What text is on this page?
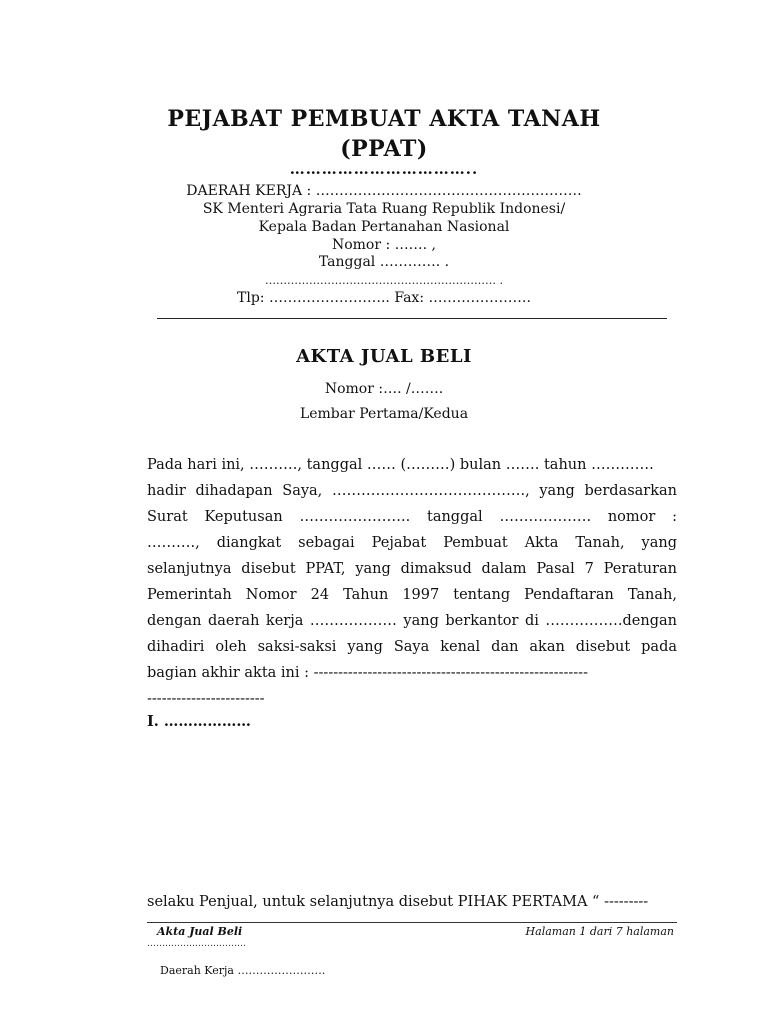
PEJABAT PEMBUAT AKTA TANAH
(PPAT)
……………………………..
DAERAH KERJA : …………………………………………………
SK Menteri Agraria Tata Ruang Republik Indonesi/
Kepala Badan Pertanahan Nasional
Nomor : ……. ,
Tanggal …………. .
……………………………………………………… .
Tlp: …………………….. Fax: ………………….
AKTA JUAL BELI
Nomor :…. /…….
Lembar Pertama/Kedua
Pada hari ini, ………., tanggal …… (………) bulan ……. tahun ………….
hadir dihadapan Saya, …………………………………., yang berdasarkan
Surat Keputusan ………………….. tanggal ………………. nomor :
………., diangkat sebagai Pejabat Pembuat Akta Tanah, yang
selanjutnya disebut PPAT, yang dimaksud dalam Pasal 7 Peraturan
Pemerintah Nomor 24 Tahun 1997 tentang Pendaftaran Tanah,
dengan daerah kerja ……………… yang berkantor di …………….dengan
dihadiri oleh saksi-saksi yang Saya kenal dan akan disebut pada
bagian akhir akta ini : --------------------------------------------------------
------------------------
I. ………………
selaku Penjual, untuk selanjutnya disebut PIHAK PERTAMA “ ---------
Akta Jual Beli	Halaman 1 dari 7 halaman
……………………………
Daerah Kerja ……………………
